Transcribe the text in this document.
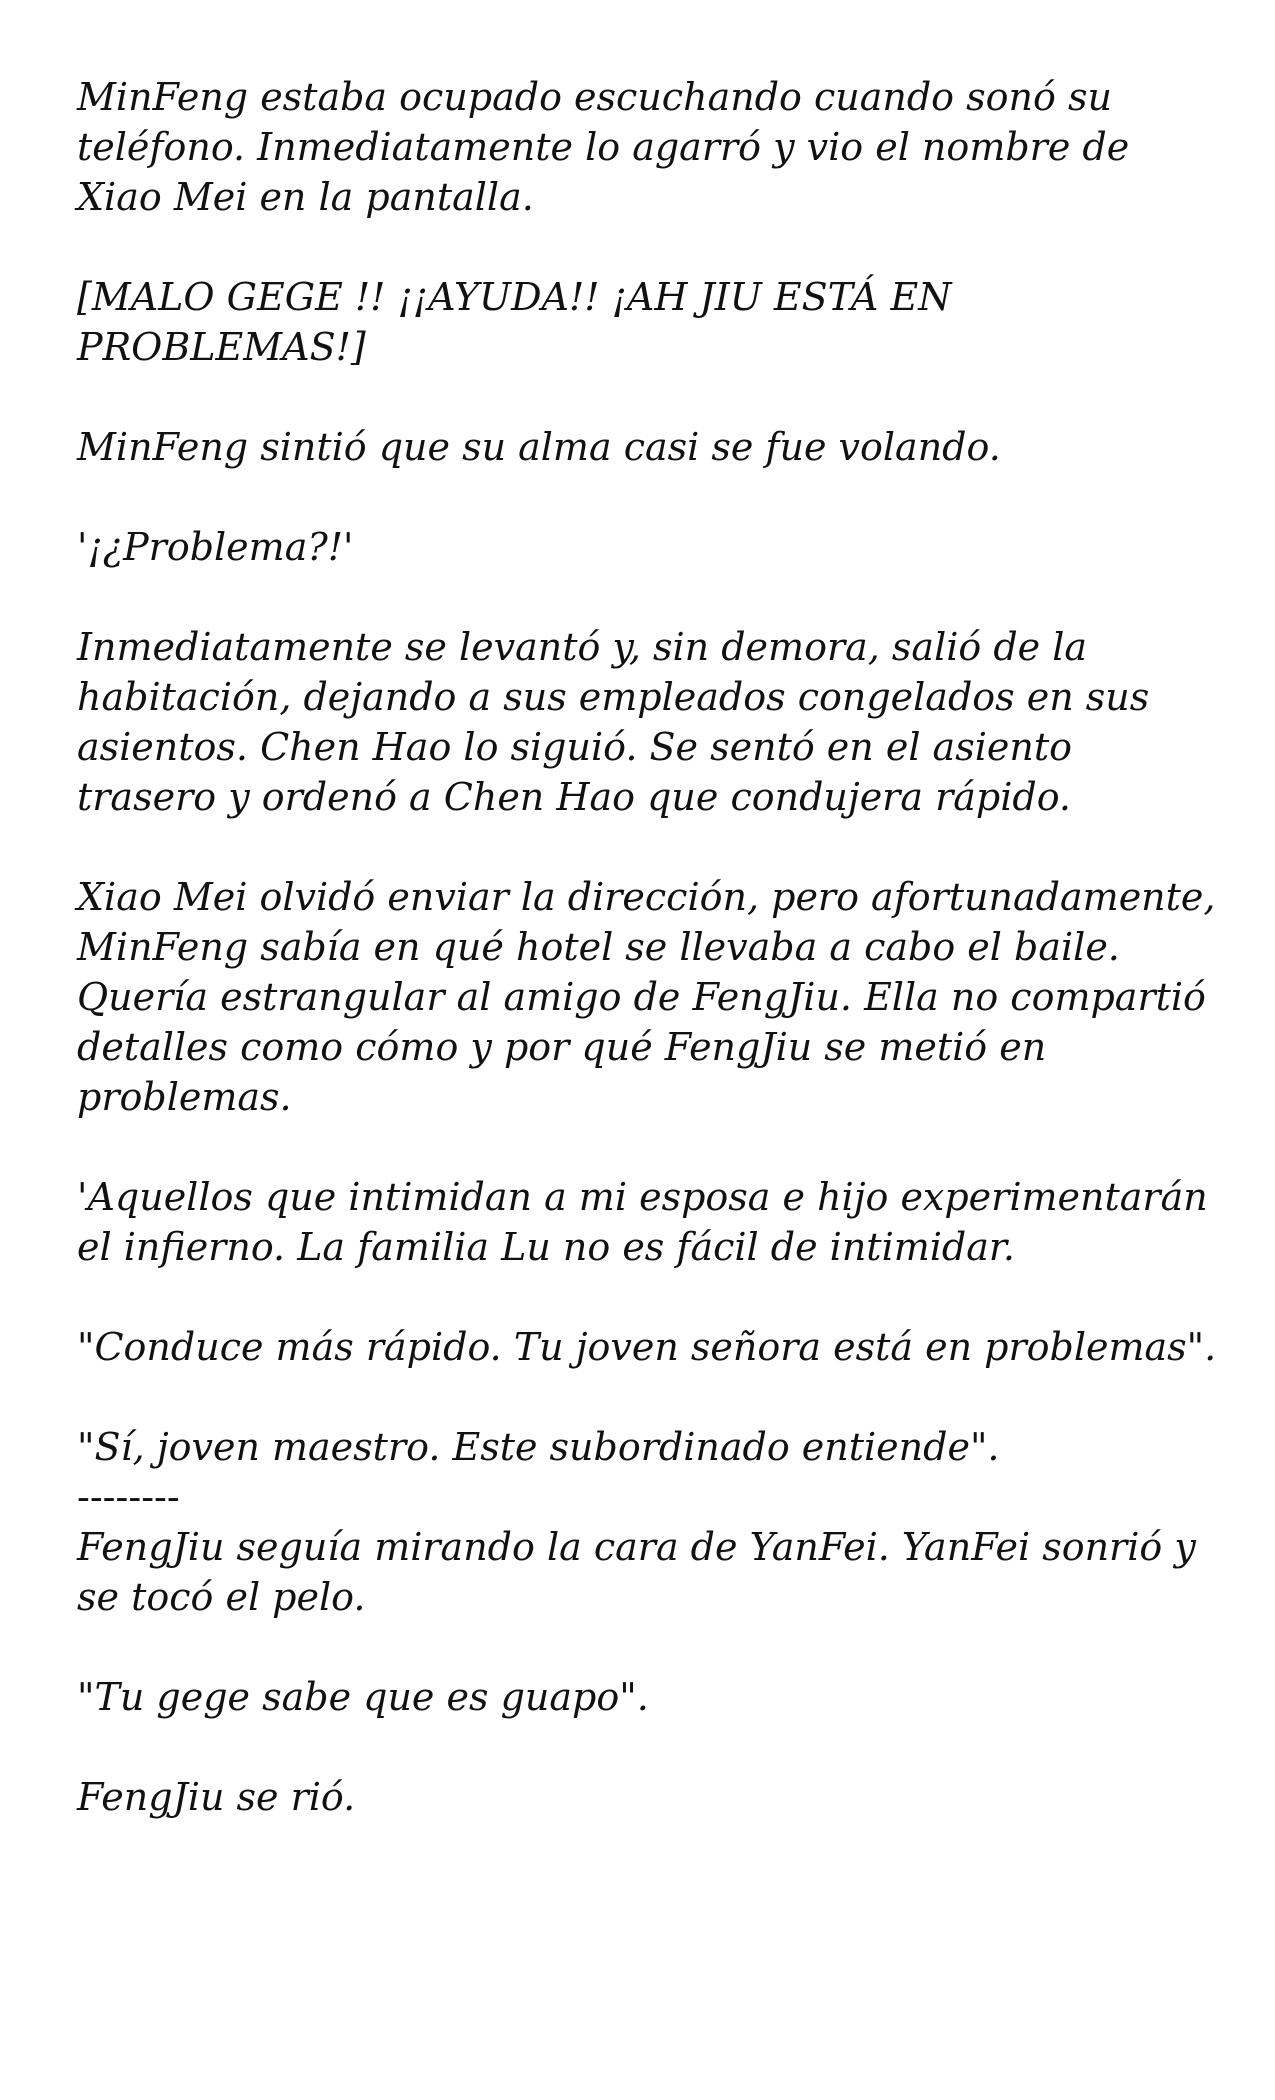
MinFeng estaba ocupado escuchando cuando sonó su teléfono. Inmediatamente lo agarró y vio el nombre de Xiao Mei en la pantalla.

[MALO GEGE !! ¡¡AYUDA!! ¡AH JIU ESTÁ EN PROBLEMAS!]

MinFeng sintió que su alma casi se fue volando.

'¡¿Problema?!'

Inmediatamente se levantó y, sin demora, salió de la habitación, dejando a sus empleados congelados en sus asientos. Chen Hao lo siguió. Se sentó en el asiento trasero y ordenó a Chen Hao que condujera rápido.

Xiao Mei olvidó enviar la dirección, pero afortunadamente, MinFeng sabía en qué hotel se llevaba a cabo el baile. Quería estrangular al amigo de FengJiu. Ella no compartió detalles como cómo y por qué FengJiu se metió en problemas.

'Aquellos que intimidan a mi esposa e hijo experimentarán el infierno. La familia Lu no es fácil de intimidar.

"Conduce más rápido. Tu joven señora está en problemas".

"Sí, joven maestro. Este subordinado entiende".

--------

FengJiu seguía mirando la cara de YanFei. YanFei sonrió y se tocó el pelo.

"Tu gege sabe que es guapo".

FengJiu se rió.
